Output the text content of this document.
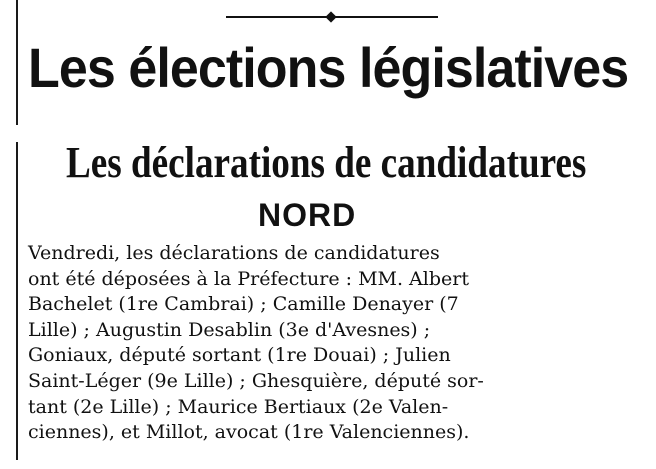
Les élections législatives
Les déclarations de candidatures
NORD
Vendredi, les déclarations de candidatures
ont été déposées à la Préfecture : MM. Albert
Bachelet (1re Cambrai) ; Camille Denayer (7
Lille) ; Augustin Desablin (3e d'Avesnes) ;
Goniaux, député sortant (1re Douai) ; Julien
Saint-Léger (9e Lille) ; Ghesquière, député sor-
tant (2e Lille) ; Maurice Bertiaux (2e Valen-
ciennes), et Millot, avocat (1re Valenciennes).
